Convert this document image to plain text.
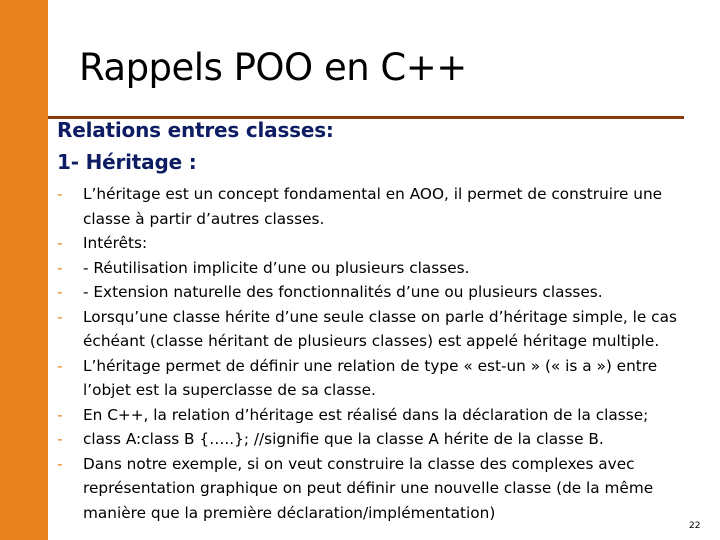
Rappels POO en C++
Relations entres classes:
1- Héritage :
-	L’héritage est un concept fondamental en AOO, il permet de construire une classe à partir d’autres classes.
-	Intérêts:
-	- Réutilisation implicite d’une ou plusieurs classes.
-	- Extension naturelle des fonctionnalités d’une ou plusieurs classes.
-	Lorsqu’une classe hérite d’une seule classe on parle d’héritage simple, le cas échéant (classe héritant de plusieurs classes) est appelé héritage multiple.
-	L’héritage permet de définir une relation de type « est-un » (« is a ») entre l’objet est la superclasse de sa classe.
-	En C++, la relation d’héritage est réalisé dans la déclaration de la classe;
-	class A:class B {…..}; //signifie que la classe A hérite de la classe B.
-	Dans notre exemple, si on veut construire la classe des complexes avec représentation graphique on peut définir une nouvelle classe (de la même manière que la première déclaration/implémentation)
22
